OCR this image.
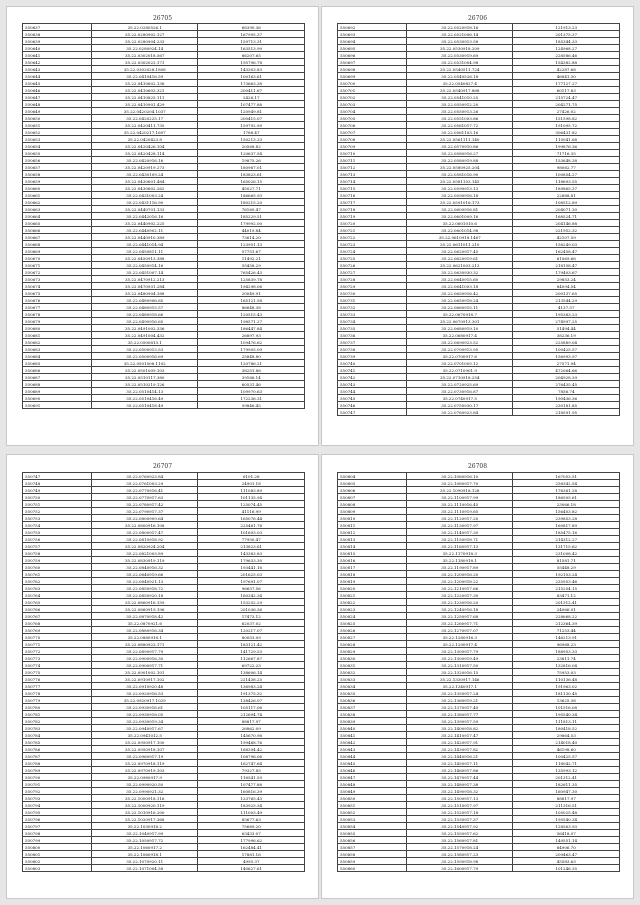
26705
550637	35.22.0280526.1	68390.36
550638	35.22.0280902.127	167995.37
550639	35.22.0280904.233	159713.31
550640	35.22.0280924.14	163513.99
550641	35.22.0302018.567	86207.65
550642	35.22.0302023.171	195796.78
550643	35.22.0302028.1808	143303.83
550644	35.22.0410416.59	100163.61
550645	35.22.0410602.136	173663.38
550646	35.22.0410603.321	200411.67
550647	35.22.0410825.111	2426.17
550648	35.22.0410901.429	107477.88
550649	35.22.0420204.1037	120949.81
550650	35.22.0420225.17	200415.07
550651	35.22.0420411.735	159792.99
550652	35.22.0420217.1697	1788.47
550653	35.22.0420423.8	150213.33
550654	35.22.0420426.104	20568.82
550655	35.22.0420428.114	120637.54
550656	35.22.0420916.16	19875.26
550657	35.22.0420919.273	180967.01
550658	35.22.0430109.24	183823.61
550659	35.22.0430601.484	165026.15
550660	35.22.0430602.262	45027.71
550661	35.22.0431003.24	186665.93
550662	35.22.0431116.90	180215.20
550663	35.22.0440701.133	76160.47
550664	35.22.0442016.16	185229.51
550665	35.22.0440902.225	179992.00
550666	35.22.0440902.11	44019.84
550667	35.22.0440910.389	73614.20
550668	35.22.0441014.94	123951.13
550669	35.22.0450811.11	57751.67
550670	35.22.0450913.388	11492.21
550671	35.22.0450914.16	55458.29
550672	35.22.0451007.14	765426.43
550673	35.22.0470912.213	125839.78
550674	35.22.0470931.284	194298.06
550675	35.22.0480904.188	20049.91
550676	35.22.0480906.65	165121.58
550677	35.22.0480915.57	86648.38
550678	35.22.0480918.66	120515.43
550679	35.22.0490916.65	198571.27
550680	35.22.0491002.336	186447.84
550681	35.22.0491004.432	26897.93
550682	35.22.0500813.1	109476.62
550683	35.22.0500913.53	179905.09
550684	35.22.0500916.69	25848.80
550685	35.22.0501008.1102	120786.21
550686	35.22.0501009.103	38251.86
550687	35.22.0510117.380	39166.14
550688	35.22.0510219.126	60531.46
550689	35.22.0510414.13	109970.63
550690	35.22.0510416.49	172236.31
550691	35.22.0510418.49	59846.45
26706
550692	35.22.0520918.16	121913.23
550693	35.22.0521006.14	201375.37
550694	35.22.0530913.58	185344.33
550695	35.22.0530918.209	124968.27
550696	35.22.0530919.69	228586.46
550697	35.22.0531004.98	154382.88
550698	35.22.0540511.724	42287.68
550699	35.22.0540526.18	46841.30
550700	35.22.0540827.4	177127.27
550701	35.22.0540917.868	60117.83
550702	35.22.0541010.25	215724.47
550703	35.22.0550912.20	204271.75
550704	35.22.0550913.26	27426.02
550705	35.22.0551003.86	151598.82
550706	35.22.0561017.72	191095.72
550707	35.22.0561103.16	306431.82
550708	35.22.0561111.140	115041.68
550709	35.22.0570910.86	199876.36
550710	35.22.0580916.27	71716.35
550711	35.22.0580919.88	153648.38
550712	35.22.0580925.204	98082.77
550713	35.22.0581016.90	100854.27
550714	35.22.0581103.145	118693.55
550715	35.22.0590913.13	189865.37
550716	35.22.0590916.18	22888.81
550717	35.22.0591016.173	108512.89
550718	35.22.0600916.81	204071.30
550719	35.22.0601009.16	168524.71
550720	35.22.0601010.6	204146.88
550721	35.22.0601014.98	221952.32
550722	35.22.0610918.1467	42107.59
550723	35.22.0611011.210	158249.03
550724	35.22.0620917.45	162458.47
550725	35.22.0620919.61	61069.66
550726	35.22.0621003.213	218158.47
550727	35.22.0630930.32	179403.67
550728	35.22.0640915.60	29853.24
550729	35.22.0641003.18	84094.54
550730	35.22.0650916.42	200137.65
550731	35.22.0650918.24	213544.29
550732	35.22.0660915.11	4137.57
550733	35.22.0670918.7	195383.23
550734	35.22.0670913.301	274997.25
550735	35.22.0680919.10	51494.44
550736	35.22.0680917.4	38236.19
550737	35.22.0690923.52	225889.04
550738	35.22.0700913.95	100425.57
550739	35.22.0700917.6	156993.97
550740	35.22.0701005.12	27571.94
550741	35.22.0710901.9	472064.66
550742	35.22.0710918.254	204928.39
550743	35.22.0720925.69	276435.45
550744	35.22.0730916.87	7856.74
550745	35.22.0740917.5	190436.36
550746	35.22.0750930.17	230181.85
550747	35.22.0760923.84	218591.95
26707
550747	35.22.0760923.84	6101.28
550748	35.22.0761003.29	24901.18
550749	35.22.0770916.41	111083.89
550750	35.22.0770917.63	101135.94
550751	35.22.0780917.42	125074.45
550752	35.22.0790917.37	41116.99
550753	35.22.0800909.64	165076.44
550754	35.22.0800916.108	225461.76
550755	35.22.0800917.47	101693.03
550756	35.22.0810918.92	77950.47
550757	35.22.0820924.204	213823.61
550758	35.22.0821003.89	143383.83
550759	35.22.0830919.119	179633.30
550760	35.22.0840916.32	193441.16
550761	35.22.0840919.66	201625.03
550762	35.22.0840921.13	197691.07
550763	35.22.0850918.72	96657.56
550764	35.22.0850920.18	160342.34
550765	35.22.0860916.159	153252.29
550766	35.22.0860919.196	201036.36
550767	35.22.0870918.42	17473.12
550768	35.22.0870921.6	62037.02
550769	35.22.0880916.34	120217.07
550770	35.22.0880918.1	80053.09
550771	35.22.0880923.171	183121.42
550772	35.22.0890917.79	141729.53
550773	35.22.0900916.30	112667.87
550774	35.22.0900917.71	69722.23
550775	35.22.0901002.101	138606.14
550776	35.22.0910917.102	221438.25
550777	35.22.0910920.48	136983.24
550778	35.22.0920916.53	191375.32
550779	35.22.0920917.1029	138426.07
550780	35.22.0930916.61	105117.06
550781	35.22.0930918.05	212694.74
550782	35.22.0930919.34	88817.97
550783	35.22.0940917.67	26862.09
550784	35.22.0941012.5	145670.98
550785	35.22.0950917.100	199468.76
550786	35.22.0950918.107	168394.42
550787	35.22.0960917.19	108796.06
550788	35.22.0970918.119	162747.64
550789	35.22.0970919.103	79327.85
550790	35.22.0980917.9	116541.59
550791	35.22.0990920.50	107477.88
550792	35.22.0990921.32	160816.39
550793	35.22.1000918.116	123765.43
550794	35.22.1000920.119	183925.34
550795	35.22.1010916.200	111003.49
550796	35.22.1020917.368	83677.63
550797	35.22.1030918.2	75689.20
550798	35.22.1040917.99	63433.07
550799	35.22.1050917.72	177996.62
550800	35.22.1060917.2	162484.41
550801	35.22.1060918.1	17881.16
550802	35.22.1070920.11	4995.37
550803	35.22.1071004.58	140627.61
26708
550804	35.22.1080916.10	167053.51
550805	35.22.1080917.70	258342.54
550806	35.22.1090918.126	176361.28
550807	35.22.1100917.99	186505.61
550808	35.22.1110916.45	23066.18
550809	35.22.1110919.65	156403.82
550810	35.22.1120917.20	239853.28
550811	35.22.1130917.97	160817.89
550812	35.22.1140917.30	185475.16
550813	35.22.1150918.71	214312.27
550814	35.22.1160917.13	131715.62
550815	35.22.1170918.3	231008.42
550816	35.22.1180918.1	81581.71
550817	35.22.1190917.89	55448.29
550818	35.22.1200916.20	192103.24
550819	35.22.1200918.22	235953.46
550820	35.22.1210917.66	215254.15
550821	35.22.1220917.30	83471.12
550822	35.22.1230916.20	201312.41
550823	35.22.1240916.18	24066.01
550824	35.22.1250917.68	228668.22
550825	35.22.1260917.71	212364.39
550826	35.22.1270917.07	71253.44
550827	35.22.1280916.3	146213.91
550828	35.22.1290917.4	96968.23
550829	35.22.1300917.79	188953.33
550830	35.22.1300919.49	23811.74
550831	35.22.1310917.50	132816.04
550832	35.22.1320916.15	75953.03
550833	35.22.1330917.146	110136.48
550834	35.22.1340917.1	191963.02
550835	35.22.1350917.24	181130.45
550836	35.22.1360919.21	13625.38
550837	35.22.1370917.40	101516.08
550838	35.22.1380917.77	195540.34
550839	35.22.1390917.59	111813.11
550840	35.22.1400918.82	180418.52
550841	35.22.1410917.47	29864.53
550842	35.22.1420917.91	214018.40
550843	35.22.1430917.82	46198.60
550844	35.22.1440916.21	100425.57
550845	35.22.1450917.11	118042.71
550846	35.22.1460917.86	135993.12
550847	35.22.1470917.44	201312.41
550848	35.22.1480917.38	182611.35
550849	35.22.1490918.32	160947.30
550850	35.22.1500917.13	88817.97
550851	35.22.1510917.97	211316.51
550852	35.22.1520917.18	105025.48
550853	35.22.1530917.37	195540.34
550854	35.22.1540917.92	128563.93
550855	35.22.1550917.62	56418.07
550856	35.22.1560917.81	149551.14
550857	35.22.1570918.24	84906.70
550858	35.22.1580917.23	209463.47
550859	35.22.1590918.98	45583.63
550860	35.22.1600917.79	101246.35
